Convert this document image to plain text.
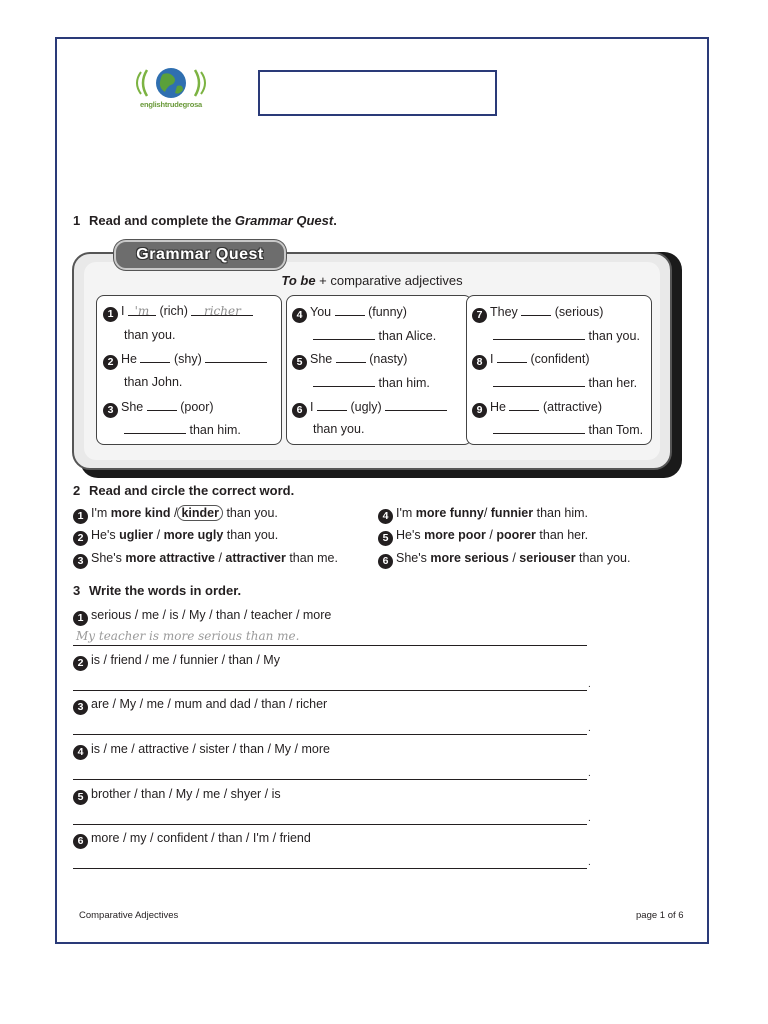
englishtrudegrosa
1 Read and complete the Grammar Quest.
Grammar Quest
To be + comparative adjectives
1 I 'm (rich) richer
than you.
2 He	(shy)
than John.
3 She	(poor)
than him.
4 You	(funny)
than Alice.
5 She	(nasty)
than him.
6 I	(ugly)
than you.
7 They	(serious)
than you.
8 I	(confident)
than her.
9 He	(attractive)
than Tom.
2 Read and circle the correct word.
1 I'm more kind / kinder than you.
2 He's uglier / more ugly than you.
3 She's more attractive / attractiver than me.
4 I'm more funny/ funnier than him.
5 He's more poor / poorer than her.
6 She's more serious / seriouser than you.
3 Write the words in order.
1 serious / me / is / My / than / teacher / more
My teacher is more serious than me.
2 is / friend / me / funnier / than / My
.
3 are / My / me / mum and dad / than / richer
.
4 is / me / attractive / sister / than / My / more
.
5 brother / than / My / me / shyer / is
.
6 more / my / confident / than / I'm / friend
.
Comparative Adjectives	page 1 of 6
